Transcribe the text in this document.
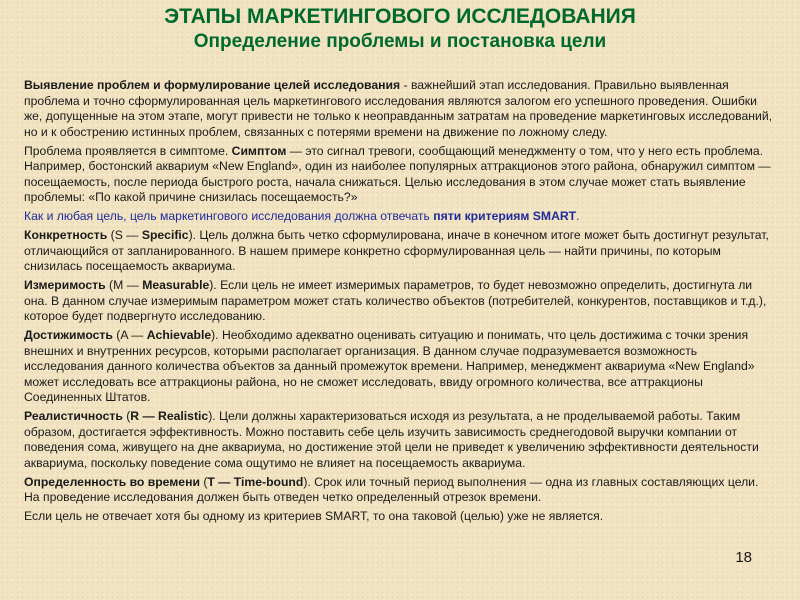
ЭТАПЫ МАРКЕТИНГОВОГО ИССЛЕДОВАНИЯ
Определение проблемы и постановка цели

Выявление проблем и формулирование целей исследования - важнейший этап исследования. Правильно выявленная проблема и точно сформулированная цель маркетингового исследования являются залогом его успешного проведения. Ошибки же, допущенные на этом этапе, могут привести не только к неоправданным затратам на проведение маркетинговых исследований, но и к обострению истинных проблем, связанных с потерями времени на движение по ложному следу.

Проблема проявляется в симптоме. Симптом — это сигнал тревоги, сообщающий менеджменту о том, что у него есть проблема. Например, бостонский аквариум «New England», один из наиболее популярных аттракционов этого района, обнаружил симптом — посещаемость, после периода быстрого роста, начала снижаться. Целью исследования в этом случае может стать выявление проблемы: «По какой причине снизилась посещаемость?»

Как и любая цель, цель маркетингового исследования должна отвечать пяти критериям SMART.

Конкретность (S — Specific). Цель должна быть четко сформулирована, иначе в конечном итоге может быть достигнут результат, отличающийся от запланированного. В нашем примере конкретно сформулированная цель — найти причины, по которым снизилась посещаемость аквариума.

Измеримость (M — Measurable). Если цель не имеет измеримых параметров, то будет невозможно определить, достигнута ли она. В данном случае измеримым параметром может стать количество объектов (потребителей, конкурентов, поставщиков и т.д.), которое будет подвергнуто исследованию.

Достижимость (A — Achievable). Необходимо адекватно оценивать ситуацию и понимать, что цель достижима с точки зрения внешних и внутренних ресурсов, которыми располагает организация. В данном случае подразумевается возможность исследования данного количества объектов за данный промежуток времени. Например, менеджмент аквариума «New England» может исследовать все аттракционы района, но не сможет исследовать, ввиду огромного количества, все аттракционы Соединенных Штатов.

Реалистичность (R — Realistic). Цели должны характеризоваться исходя из результата, а не проделываемой работы. Таким образом, достигается эффективность. Можно поставить себе цель изучить зависимость среднегодовой выручки компании от поведения сома, живущего на дне аквариума, но достижение этой цели не приведет к увеличению эффективности деятельности аквариума, поскольку поведение сома ощутимо не влияет на посещаемость аквариума.

Определенность во времени (T — Time-bound). Срок или точный период выполнения — одна из главных составляющих цели. На проведение исследования должен быть отведен четко определенный отрезок времени.

Если цель не отвечает хотя бы одному из критериев SMART, то она таковой (целью) уже не является.

18
